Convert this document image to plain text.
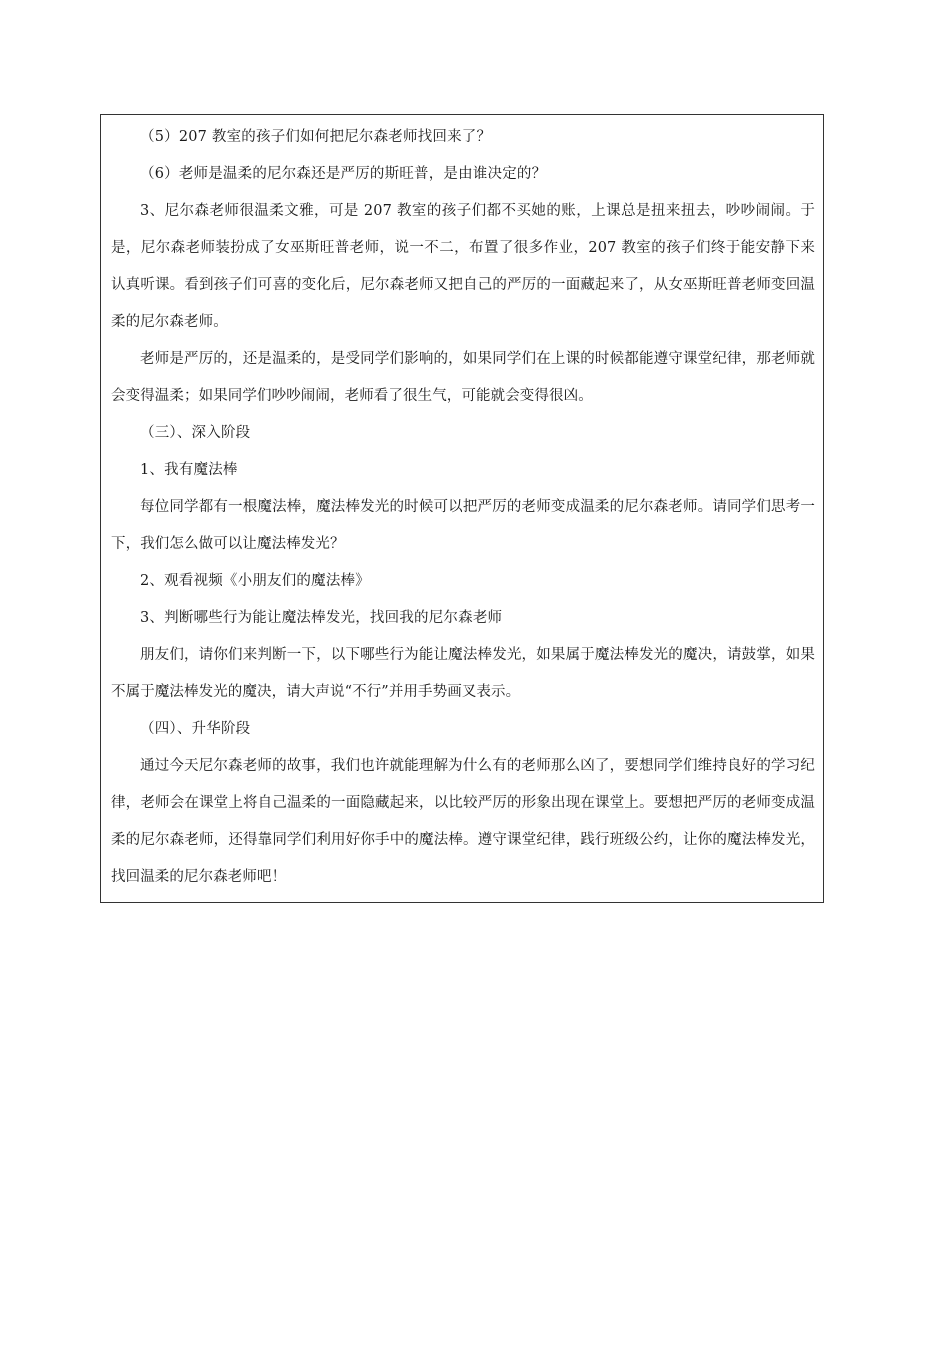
（5）207 教室的孩子们如何把尼尔森老师找回来了？

（6）老师是温柔的尼尔森还是严厉的斯旺普，是由谁决定的？

3、尼尔森老师很温柔文雅，可是 207 教室的孩子们都不买她的账，上课总是扭来扭去，吵吵闹闹。于是，尼尔森老师装扮成了女巫斯旺普老师，说一不二，布置了很多作业，207 教室的孩子们终于能安静下来认真听课。看到孩子们可喜的变化后，尼尔森老师又把自己的严厉的一面藏起来了，从女巫斯旺普老师变回温柔的尼尔森老师。

老师是严厉的，还是温柔的，是受同学们影响的，如果同学们在上课的时候都能遵守课堂纪律，那老师就会变得温柔；如果同学们吵吵闹闹，老师看了很生气，可能就会变得很凶。

（三）、深入阶段

1、我有魔法棒

每位同学都有一根魔法棒，魔法棒发光的时候可以把严厉的老师变成温柔的尼尔森老师。请同学们思考一下，我们怎么做可以让魔法棒发光？

2、观看视频《小朋友们的魔法棒》

3、判断哪些行为能让魔法棒发光，找回我的尼尔森老师

朋友们，请你们来判断一下，以下哪些行为能让魔法棒发光，如果属于魔法棒发光的魔决，请鼓掌，如果不属于魔法棒发光的魔决，请大声说“不行”并用手势画叉表示。

（四）、升华阶段

通过今天尼尔森老师的故事，我们也许就能理解为什么有的老师那么凶了，要想同学们维持良好的学习纪律，老师会在课堂上将自己温柔的一面隐藏起来，以比较严厉的形象出现在课堂上。要想把严厉的老师变成温柔的尼尔森老师，还得靠同学们利用好你手中的魔法棒。遵守课堂纪律，践行班级公约，让你的魔法棒发光，找回温柔的尼尔森老师吧！
